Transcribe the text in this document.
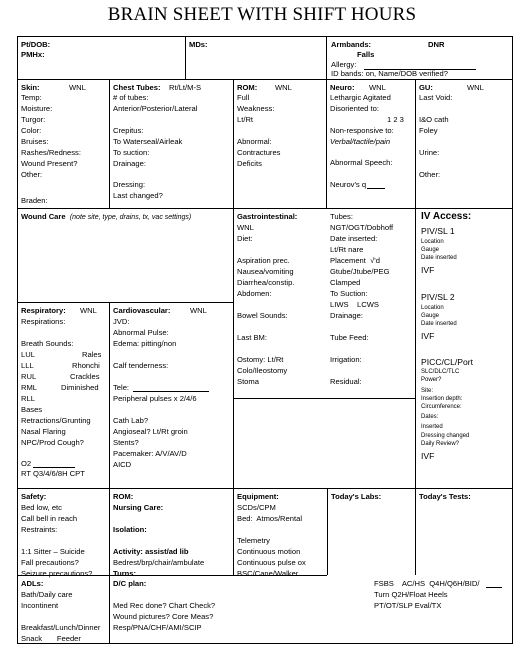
BRAIN SHEET WITH SHIFT HOURS
Pt/DOB:
PMHx:
MDs:	Armbands:	DNR
Falls
Allergy:
ID bands: on, Name/DOB verified?
Skin:	WNL
Temp:
Moisture:
Turgor:
Color:
Bruises:
Rashes/Redness:
Wound Present?
Other:
Braden:
Chest Tubes: Rt/Lt/M-S
# of tubes:
Anterior/Posterior/Lateral
Crepitus:
To Waterseal/Airleak
To suction:
Drainage:
Dressing:
Last changed?
ROM: WNL
Full
Weakness:
Lt/Rt
Abnormal:
Contractures
Deficits
Neuro: WNL
Lethargic Agitated
Disoriented to:
1 2 3
Non-responsive to:
Verbal/tactile/pain
Abnormal Speech:
Neurov's q
GU:	WNL
Last Void:
I&O cath
Foley
Urine:
Other:
Wound Care (note site, type, drains, tx, vac settings)	Gastrointestinal:
WNL
Diet:
Aspiration prec.
Nausea/vomiting
Diarrhea/constip.
Abdomen:
Bowel Sounds:
Last BM:
Ostomy: Lt/Rt
Colo/Ileostomy
Stoma
Tubes:
NGT/OGT/Dobhoff
Date inserted:
Lt/Rt nare
Placement  √'d
Gtube/Jtube/PEG
Clamped
To Suction:
LIWS    LCWS
Drainage:
Tube Feed:
Irrigation:
Residual:
IV Access:
PIV/SL 1
Location
Gauge
Date inserted
IVF
PIV/SL 2
Location
Gauge
Date inserted
IVF
PICC/CL/Port
SLC/DLC/TLC
Power?
Site:
Insertion depth:
Circumference:
Dates:
Inserted
Dressing changed
Daily Review?
IVF
Respiratory: WNL
Respirations:
Breath Sounds:
LUL	Rales
LLL	Rhonchi
RUL	Crackles
RML	Diminished
RLL
Bases
Retractions/Grunting
Nasal Flaring
NPC/Prod Cough?
O2
RT Q3/4/6/8H CPT
Cardiovascular:	WNL
JVD:
Abnormal Pulse:
Edema: pitting/non
Calf tenderness:
Tele:
Peripheral pulses x 2/4/6
Cath Lab?
Angioseal? Lt/Rt groin
Stents?
Pacemaker: A/V/AV/D
AICD
Safety:
Bed low, etc
Call bell in reach
Restraints:
1:1 Sitter – Suicide
Fall precautions?
Seizure precautions?
ROM:
Nursing Care:
Isolation:
Activity: assist/ad lib
Bedrest/brp/chair/ambulate
Turns:
Equipment:
SCDs/CPM
Bed:  Atmos/Rental
Telemetry
Continuous motion
Continuous pulse ox
BSC/Cane/Walker
Today's Labs:	Today's Tests:
ADLs:
Bath/Daily care
Incontinent
Breakfast/Lunch/Dinner
Snack       Feeder
D/C plan:
Med Rec done? Chart Check?
Wound pictures? Core Meas?
Resp/PNA/CHF/AMI/SCIP
FSBS    AC/HS  Q4H/Q6H/BID/
Turn Q2H/Float Heels
PT/OT/SLP Eval/TX
